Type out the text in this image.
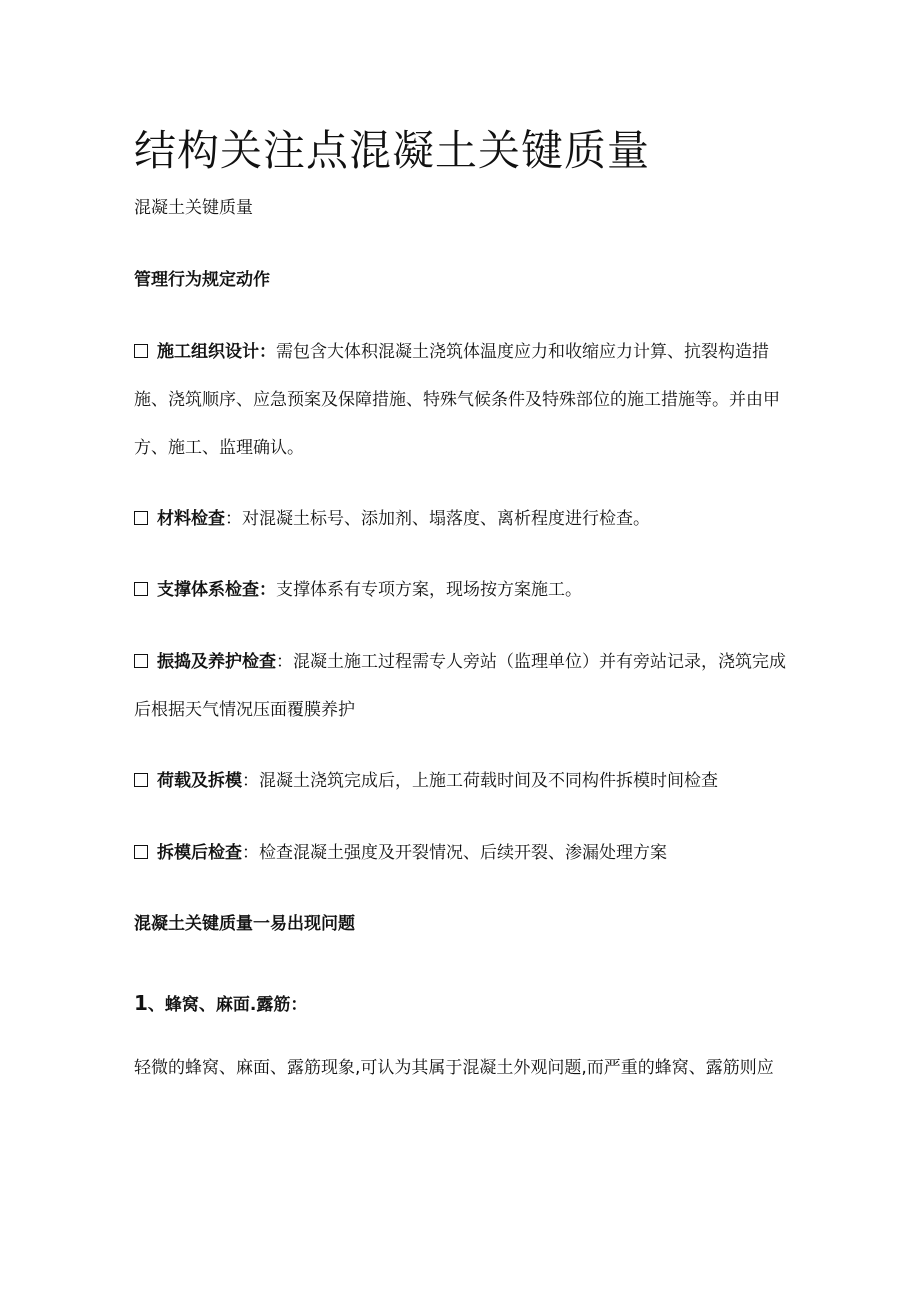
结构关注点混凝土关键质量
混凝土关键质量
管理行为规定动作
施工组织设计：需包含大体积混凝土浇筑体温度应力和收缩应力计算、抗裂构造措施、浇筑顺序、应急预案及保障措施、特殊气候条件及特殊部位的施工措施等。并由甲方、施工、监理确认。
材料检查：对混凝土标号、添加剂、塌落度、离析程度进行检查。
支撑体系检查：支撑体系有专项方案，现场按方案施工。
振捣及养护检查：混凝土施工过程需专人旁站（监理单位）并有旁站记录，浇筑完成后根据天气情况压面覆膜养护
荷载及拆模：混凝土浇筑完成后，上施工荷载时间及不同构件拆模时间检查
拆模后检查：检查混凝土强度及开裂情况、后续开裂、渗漏处理方案
混凝土关键质量一易出现问题
1、蜂窝、麻面.露筋：
轻微的蜂窝、麻面、露筋现象,可认为其属于混凝土外观问题,而严重的蜂窝、露筋则应
